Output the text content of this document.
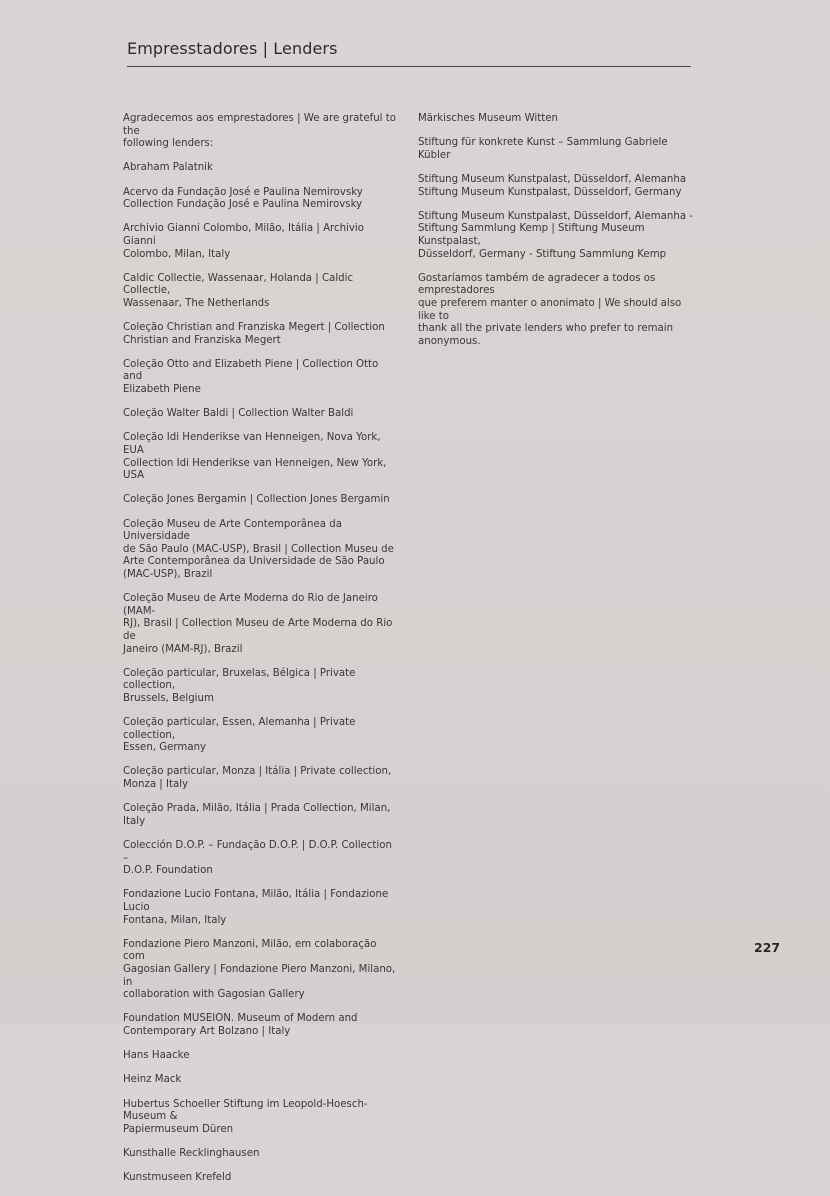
Empresstadores | Lenders

Agradecemos aos emprestadores | We are grateful to the
following lenders:

Abraham Palatnik

Acervo da Fundação José e Paulina Nemirovsky
Collection Fundação José e Paulina Nemirovsky

Archivio Gianni Colombo, Milão, Itália | Archivio Gianni
Colombo, Milan, Italy

Caldic Collectie, Wassenaar, Holanda | Caldic Collectie,
Wassenaar, The Netherlands

Coleção Christian and Franziska Megert | Collection
Christian and Franziska Megert

Coleção Otto and Elizabeth Piene | Collection Otto and
Elizabeth Piene

Coleção Walter Baldi | Collection Walter Baldi

Coleção Idi Henderikse van Henneigen, Nova York, EUA
Collection Idi Henderikse van Henneigen, New York, USA

Coleção Jones Bergamin | Collection Jones Bergamin

Coleção Museu de Arte Contemporânea da Universidade
de São Paulo (MAC-USP), Brasil | Collection Museu de
Arte Contemporânea da Universidade de São Paulo
(MAC-USP), Brazil

Coleção Museu de Arte Moderna do Rio de Janeiro (MAM-
RJ), Brasil | Collection Museu de Arte Moderna do Rio de
Janeiro (MAM-RJ), Brazil

Coleção particular, Bruxelas, Bélgica | Private collection,
Brussels, Belgium

Coleção particular, Essen, Alemanha | Private collection,
Essen, Germany

Coleção particular, Monza | Itália | Private collection,
Monza | Italy

Coleção Prada, Milão, Itália | Prada Collection, Milan, Italy

Colección D.O.P. – Fundação D.O.P. | D.O.P. Collection –
D.O.P. Foundation

Fondazione Lucio Fontana, Milão, Itália | Fondazione Lucio
Fontana, Milan, Italy

Fondazione Piero Manzoni, Milão, em colaboração com
Gagosian Gallery | Fondazione Piero Manzoni, Milano, in
collaboration with Gagosian Gallery

Foundation MUSEION. Museum of Modern and
Contemporary Art Bolzano | Italy

Hans Haacke

Heinz Mack

Hubertus Schoeller Stiftung im Leopold-Hoesch-Museum &
Papiermuseum Düren

Kunsthalle Recklinghausen

Kunstmuseen Krefeld

Märkisches Museum Witten

Stiftung für konkrete Kunst – Sammlung Gabriele Kübler

Stiftung Museum Kunstpalast, Düsseldorf, Alemanha
Stiftung Museum Kunstpalast, Düsseldorf, Germany

Stiftung Museum Kunstpalast, Düsseldorf, Alemanha -
Stiftung Sammlung Kemp | Stiftung Museum Kunstpalast,
Düsseldorf, Germany - Stiftung Sammlung Kemp

Gostaríamos também de agradecer a todos os emprestadores
que preferem manter o anonimato | We should also like to
thank all the private lenders who prefer to remain anonymous.

227
